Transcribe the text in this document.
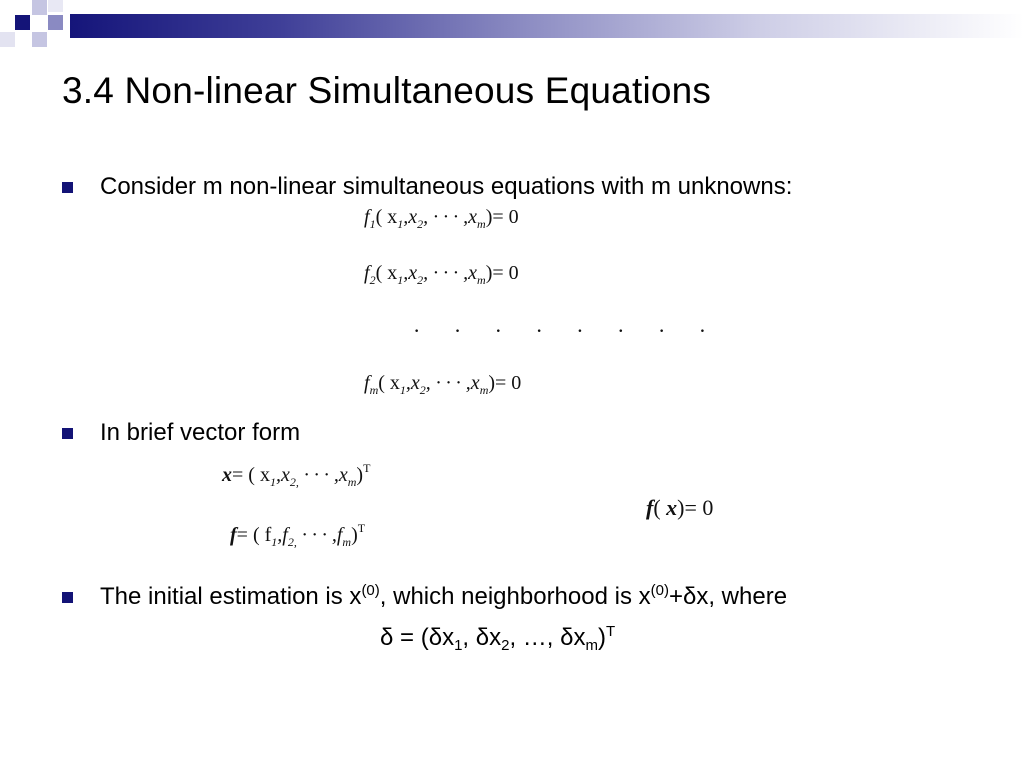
3.4 Non-linear Simultaneous Equations
Consider m non-linear simultaneous equations with m unknowns:
$f_1$( $x_1,x_2$, · · · $,x_m)= 0$
$f_2$( $x_1,x_2$, · · · $,x_m)= 0$
· · · · · · · ·
$f_m$( $x_1,x_2$, · · · $,x_m)= 0$
In brief vector form
x= ( $x_1,x_{2,}$ · · · $,x_m)^T$
f= ( $f_1,f_{2,}$ · · · $,f_m)^T$
f( x)= 0
The initial estimation is $x^{(0)}$, which neighborhood is $x^{(0)}+\delta x$, where
$\delta = (\delta x_1$, $\delta x_2$, …, $\delta x_m)^T$
